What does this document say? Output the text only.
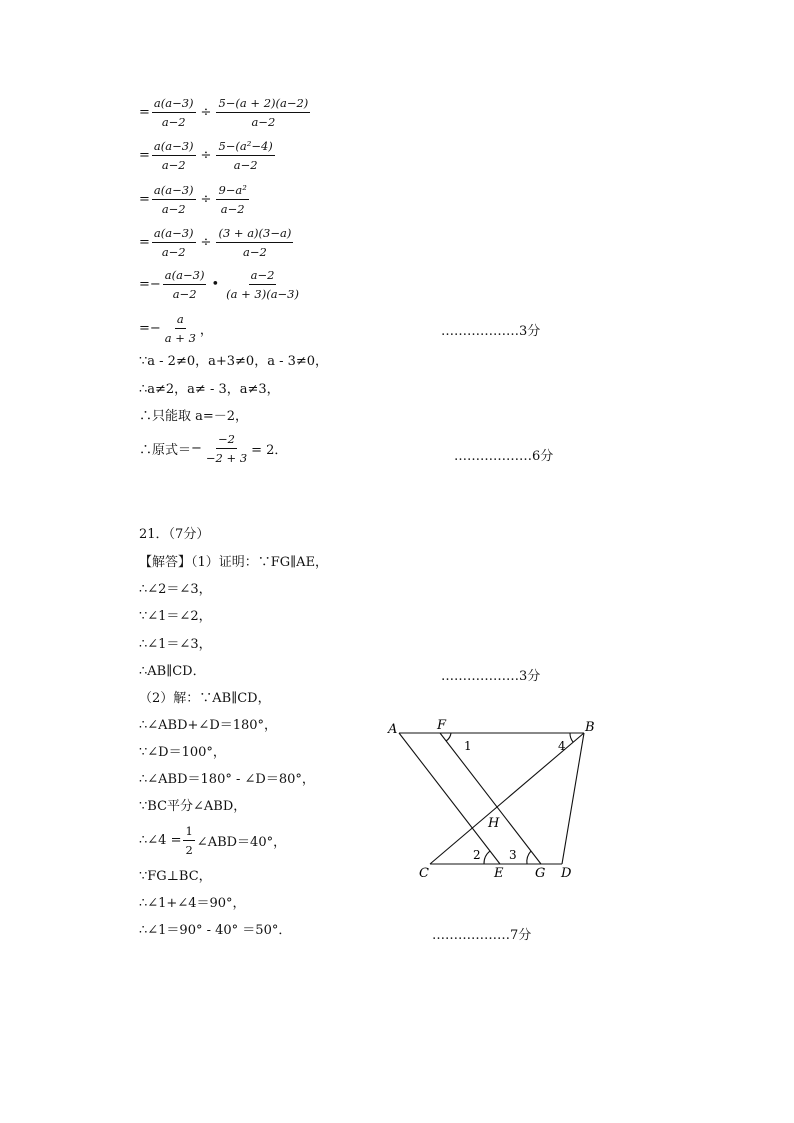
= $\frac{a(a-3)}{a-2} \div \frac{5-(a + 2)(a-2)}{a-2}$
= $\frac{a(a-3)}{a-2} \div \frac{\text{5−(a²−4)}}{a-2}$
= $\frac{a(a-3)}{a-2} \div \frac{\text{9−a²}}{a-2}$
= $\frac{a(a-3)}{a-2} \div \frac{(3 + a)(3-a)}{a-2}$
=− $\frac{a(a-3)}{a-2}$ • $\frac{a-2}{(a + 3)(a-3)}$
=− $\frac{a}{a + 3}$ ，	………………3分
∵a - 2≠0，a+3≠0，a - 3≠0，
∴a≠2，a≠ - 3，a≠3，
∴只能取 a=－2，
∴原式＝ − $\frac{-2}{-2 + 3} = 2$．	………………6分
21．（7分）
【解答】（1）证明：∵FG∥AE，
∴∠2＝∠3，
∵∠1＝∠2，
∴∠1＝∠3，
∴AB∥CD．	………………3分
（2）解：∵AB∥CD，
∴∠ABD+∠D＝180°，
∵∠D＝100°，
∴∠ABD＝180° - ∠D＝80°，
∵BC平分∠ABD，
∴∠4 = $\frac{1}{2}$ ∠ABD＝40°，
∵FG⊥BC，
∴∠1+∠4＝90°，
∴∠1＝90° - 40° ＝50°．	………………7分
A	F	B
H
C	E G D
1	4
2 3
